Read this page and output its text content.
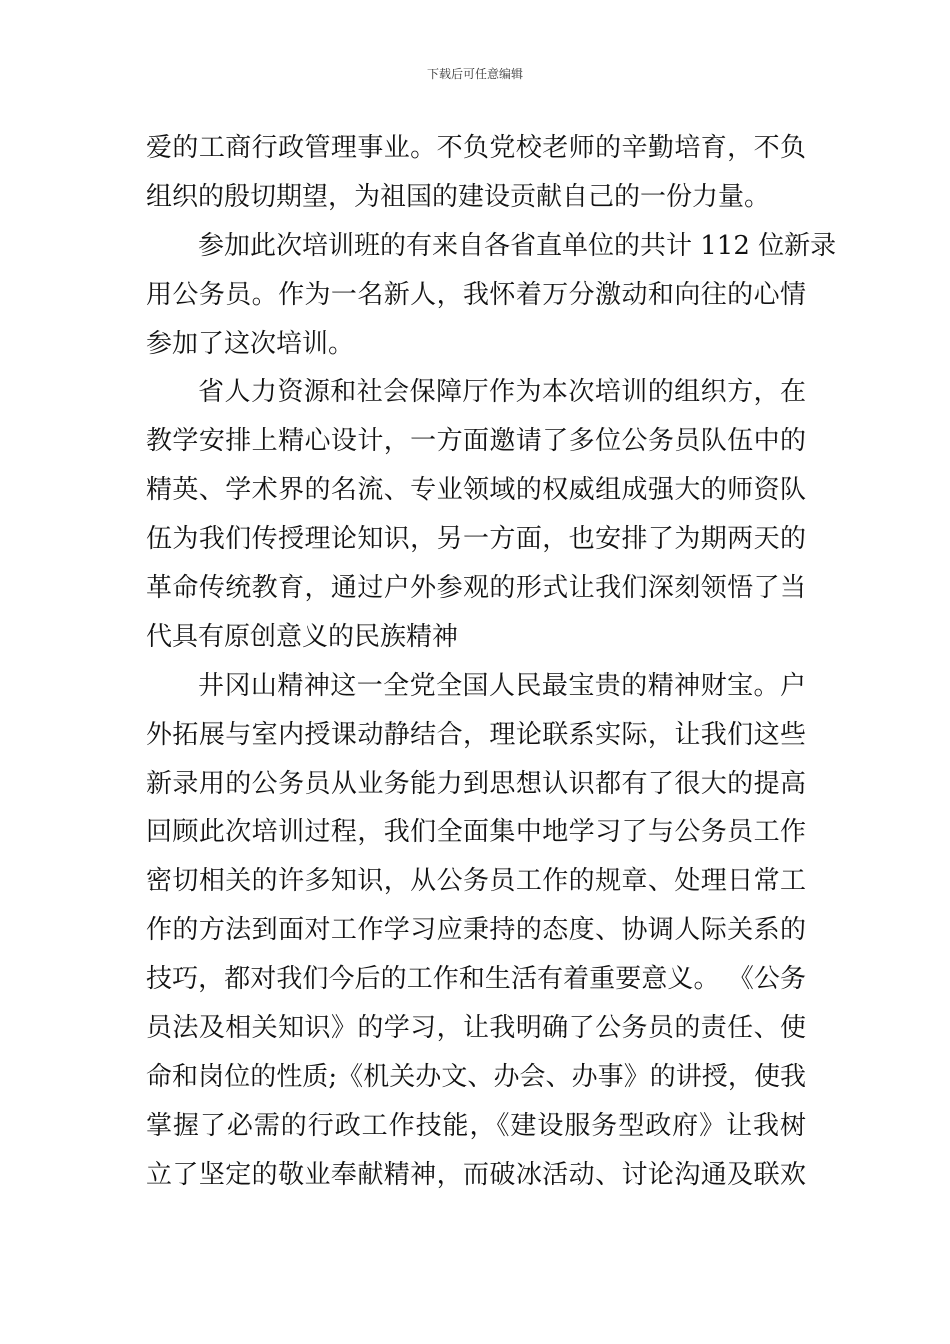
下载后可任意编辑
爱的工商行政管理事业。不负党校老师的辛勤培育，不负
组织的殷切期望，为祖国的建设贡献自己的一份力量。
参加此次培训班的有来自各省直单位的共计 112 位新录
用公务员。作为一名新人，我怀着万分激动和向往的心情
参加了这次培训。
省人力资源和社会保障厅作为本次培训的组织方，在
教学安排上精心设计，一方面邀请了多位公务员队伍中的
精英、学术界的名流、专业领域的权威组成强大的师资队
伍为我们传授理论知识，另一方面，也安排了为期两天的
革命传统教育，通过户外参观的形式让我们深刻领悟了当
代具有原创意义的民族精神
井冈山精神这一全党全国人民最宝贵的精神财宝。户
外拓展与室内授课动静结合，理论联系实际，让我们这些
新录用的公务员从业务能力到思想认识都有了很大的提高
回顾此次培训过程，我们全面集中地学习了与公务员工作
密切相关的许多知识，从公务员工作的规章、处理日常工
作的方法到面对工作学习应秉持的态度、协调人际关系的
技巧，都对我们今后的工作和生活有着重要意义。 《公务
员法及相关知识》的学习，让我明确了公务员的责任、使
命和岗位的性质;《机关办文、办会、办事》的讲授，使我
掌握了必需的行政工作技能，《建设服务型政府》让我树
立了坚定的敬业奉献精神，而破冰活动、讨论沟通及联欢
